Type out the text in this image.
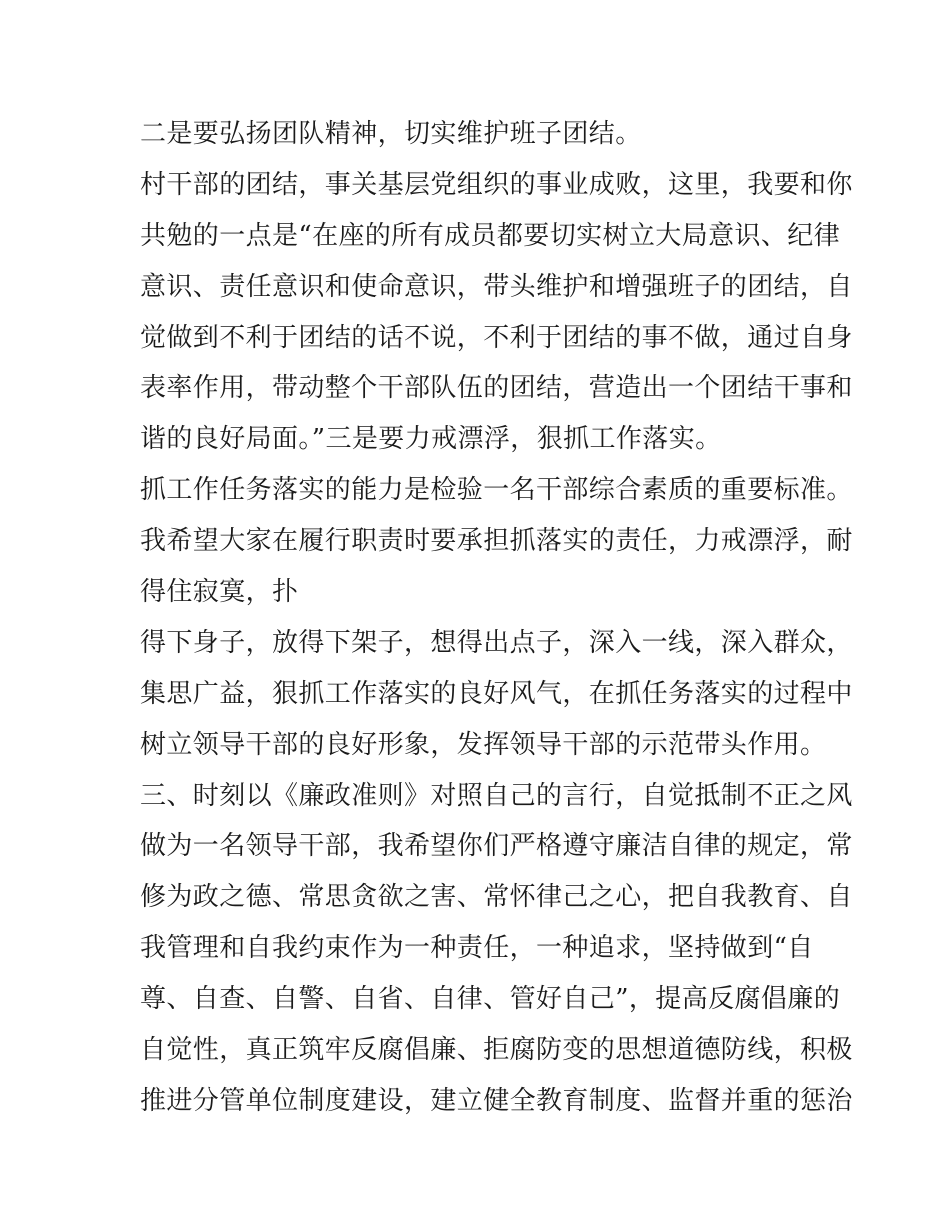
二是要弘扬团队精神，切实维护班子团结。
村干部的团结，事关基层党组织的事业成败，这里，我要和你
共勉的一点是“在座的所有成员都要切实树立大局意识、纪律
意识、责任意识和使命意识，带头维护和增强班子的团结，自
觉做到不利于团结的话不说，不利于团结的事不做，通过自身
表率作用，带动整个干部队伍的团结，营造出一个团结干事和
谐的良好局面。”三是要力戒漂浮，狠抓工作落实。
抓工作任务落实的能力是检验一名干部综合素质的重要标准。
我希望大家在履行职责时要承担抓落实的责任，力戒漂浮，耐
得住寂寞，扑
得下身子，放得下架子，想得出点子，深入一线，深入群众，
集思广益，狠抓工作落实的良好风气，在抓任务落实的过程中
树立领导干部的良好形象，发挥领导干部的示范带头作用。
三、时刻以《廉政准则》对照自己的言行，自觉抵制不正之风
做为一名领导干部，我希望你们严格遵守廉洁自律的规定，常
修为政之德、常思贪欲之害、常怀律己之心，把自我教育、自
我管理和自我约束作为一种责任，一种追求，坚持做到“自
尊、自查、自警、自省、自律、管好自己”，提高反腐倡廉的
自觉性，真正筑牢反腐倡廉、拒腐防变的思想道德防线，积极
推进分管单位制度建设，建立健全教育制度、监督并重的惩治
